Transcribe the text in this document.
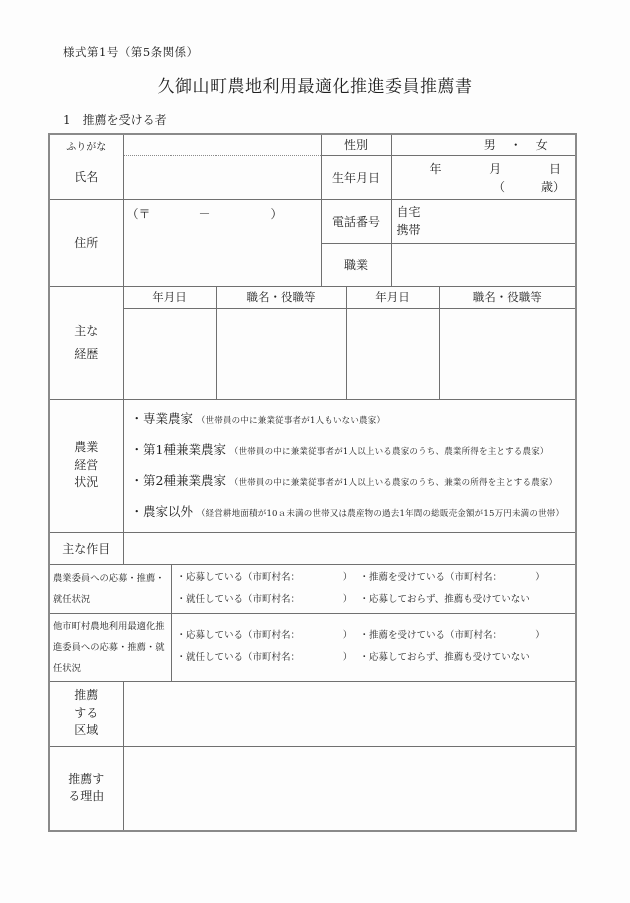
様式第1号（第5条関係）
久御山町農地利用最適化推進委員推薦書
1　推薦を受ける者
ふりがな				性別		男　・　女	
氏名				生年月日		年 月 日
（　　　歳）	

住所	（〒　　　　－　　　　　）			電話番号		自宅
携帯	

				職業			

主な
経歴	年月日		職名・役職等		年月日		職名・役職等

農業
経営
状況

・専業農家 （世帯員の中に兼業従事者が1人もいない農家）
・第1種兼業農家 （世帯員の中に兼業従事者が1人以上いる農家のうち、農業所得を主とする農家）
・第2種兼業農家 （世帯員の中に兼業従事者が1人以上いる農家のうち、兼業の所得を主とする農家）
・農家以外 （経営耕地面積が10ａ未満の世帯又は農産物の過去1年間の総販売金額が15万円未満の世帯）

主な作目							

農業委員への応募・推薦・
就任状況

・応募している（市町村名：　　　　　） ・推薦を受けている（市町村名：　　　　）
・就任している（市町村名：　　　　　） ・応募しておらず、推薦も受けていない

他市町村農地利用最適化推
進委員への応募・推薦・就
任状況

・応募している（市町村名：　　　　　） ・推薦を受けている（市町村名：　　　　）
・就任している（市町村名：　　　　　） ・応募しておらず、推薦も受けていない

推薦
する
区域							

推薦す
る理由							
